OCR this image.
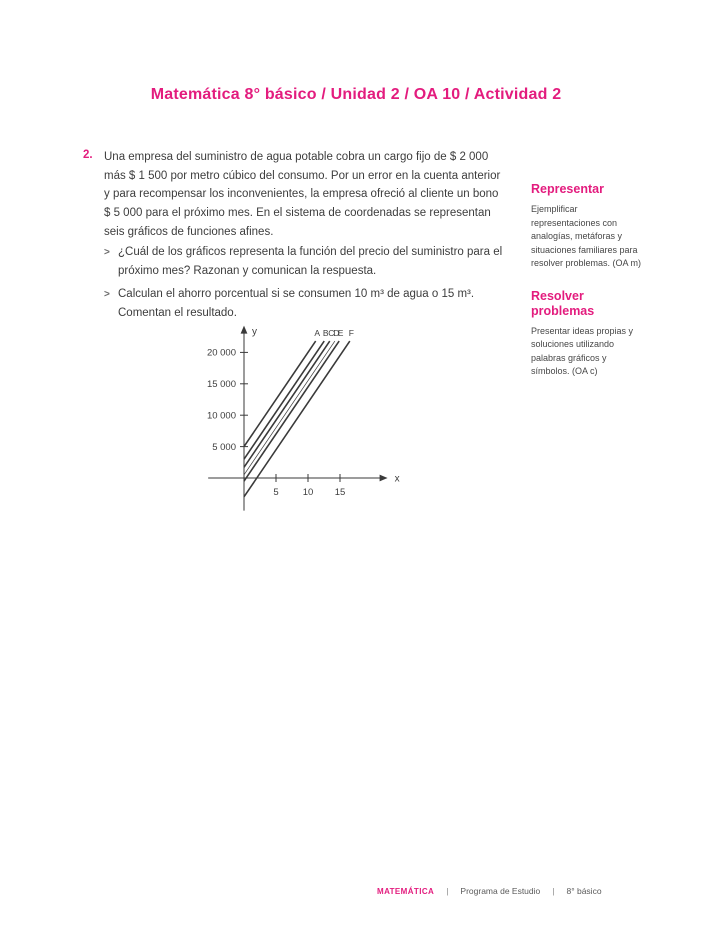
Matemática 8° básico / Unidad 2 / OA 10 / Actividad 2
2. Una empresa del suministro de agua potable cobra un cargo fijo de $ 2 000 más $ 1 500 por metro cúbico del consumo. Por un error en la cuenta anterior y para recompensar los inconvenientes, la empresa ofreció al cliente un bono $ 5 000 para el próximo mes. En el sistema de coordenadas se representan seis gráficos de funciones afines.
> ¿Cuál de los gráficos representa la función del precio del suministro para el próximo mes? Razonan y comunican la respuesta.
> Calculan el ahorro porcentual si se consumen 10 m³ de agua o 15 m³. Comentan el resultado.
x
y
5 000
10 000
15 000
20 000
5	10 15
A B C
D
E F
Representar

Ejemplificar representaciones con analogías, metáforas y situaciones familiares para resolver problemas. (OA m)

Resolver problemas

Presentar ideas propias y soluciones utilizando palabras gráficos y símbolos. (OA c)

MATEMÁTICA | Programa de Estudio | 8° básico
